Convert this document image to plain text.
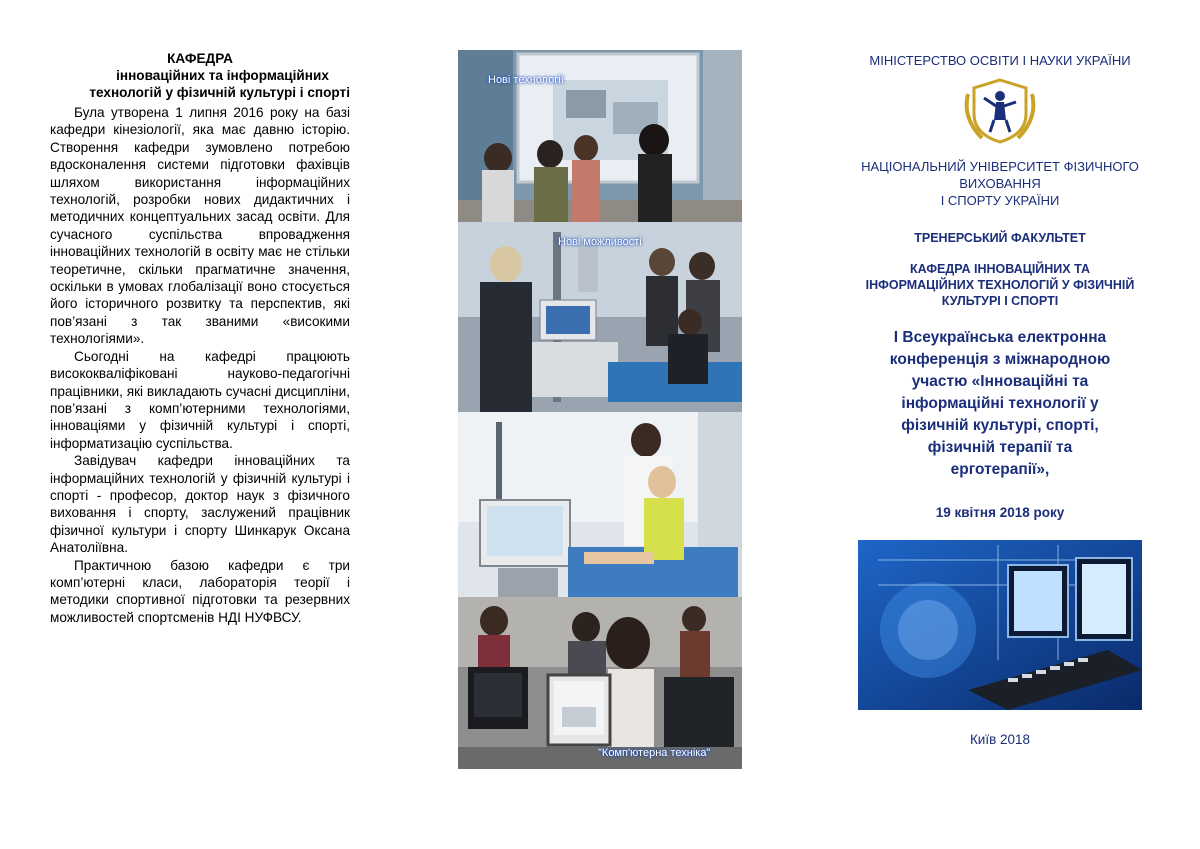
КАФЕДРА
інноваційних та інформаційних
технологій у фізичній культурі і спорті

Була утворена 1 липня 2016 року на базі кафедри кінезіології, яка має давню історію. Створення кафедри зумовлено потребою вдосконалення системи підготовки фахівців шляхом використання інформаційних технологій, розробки нових дидактичних і методичних концептуальних засад освіти. Для сучасного суспільства впровадження інноваційних технологій в освіту має не стільки теоретичне, скільки прагматичне значення, оскільки в умовах глобалізації воно стосується його історичного розвитку та перспектив, які пов’язані з так званими «високими технологіями».

Сьогодні на кафедрі працюють висококваліфіковані науково-педагогічні працівники, які викладають сучасні дисципліни, пов’язані з комп’ютерними технологіями, інноваціями у фізичній культурі і спорті, інформатизацію суспільства.

Завідувач кафедри інноваційних та інформаційних технологій у фізичній культурі і спорті - професор, доктор наук з фізичного виховання і спорту, заслужений працівник фізичної культури і спорту Шинкарук Оксана Анатоліївна.

Практичною базою кафедри є три комп’ютерні класи, лабораторія теорії і методики спортивної підготовки та резервних можливостей спортсменів НДІ НУФВСУ.

Нові технології
Нові можливості
"Комп'ютерна техніка"
МІНІСТЕРСТВО ОСВІТИ І НАУКИ УКРАЇНИ
НАЦІОНАЛЬНИЙ УНІВЕРСИТЕТ ФІЗИЧНОГО
ВИХОВАННЯ
І СПОРТУ УКРАЇНИ
ТРЕНЕРСЬКИЙ ФАКУЛЬТЕТ
КАФЕДРА ІННОВАЦІЙНИХ ТА
ІНФОРМАЦІЙНИХ ТЕХНОЛОГІЙ У ФІЗИЧНІЙ
КУЛЬТУРІ І СПОРТІ
І Всеукраїнська електронна
конференція з міжнародною
участю «Інноваційні та
інформаційні технології у
фізичній культурі, спорті,
фізичній терапії та
ерготерапії»,
19 квітня 2018 року
Київ 2018
